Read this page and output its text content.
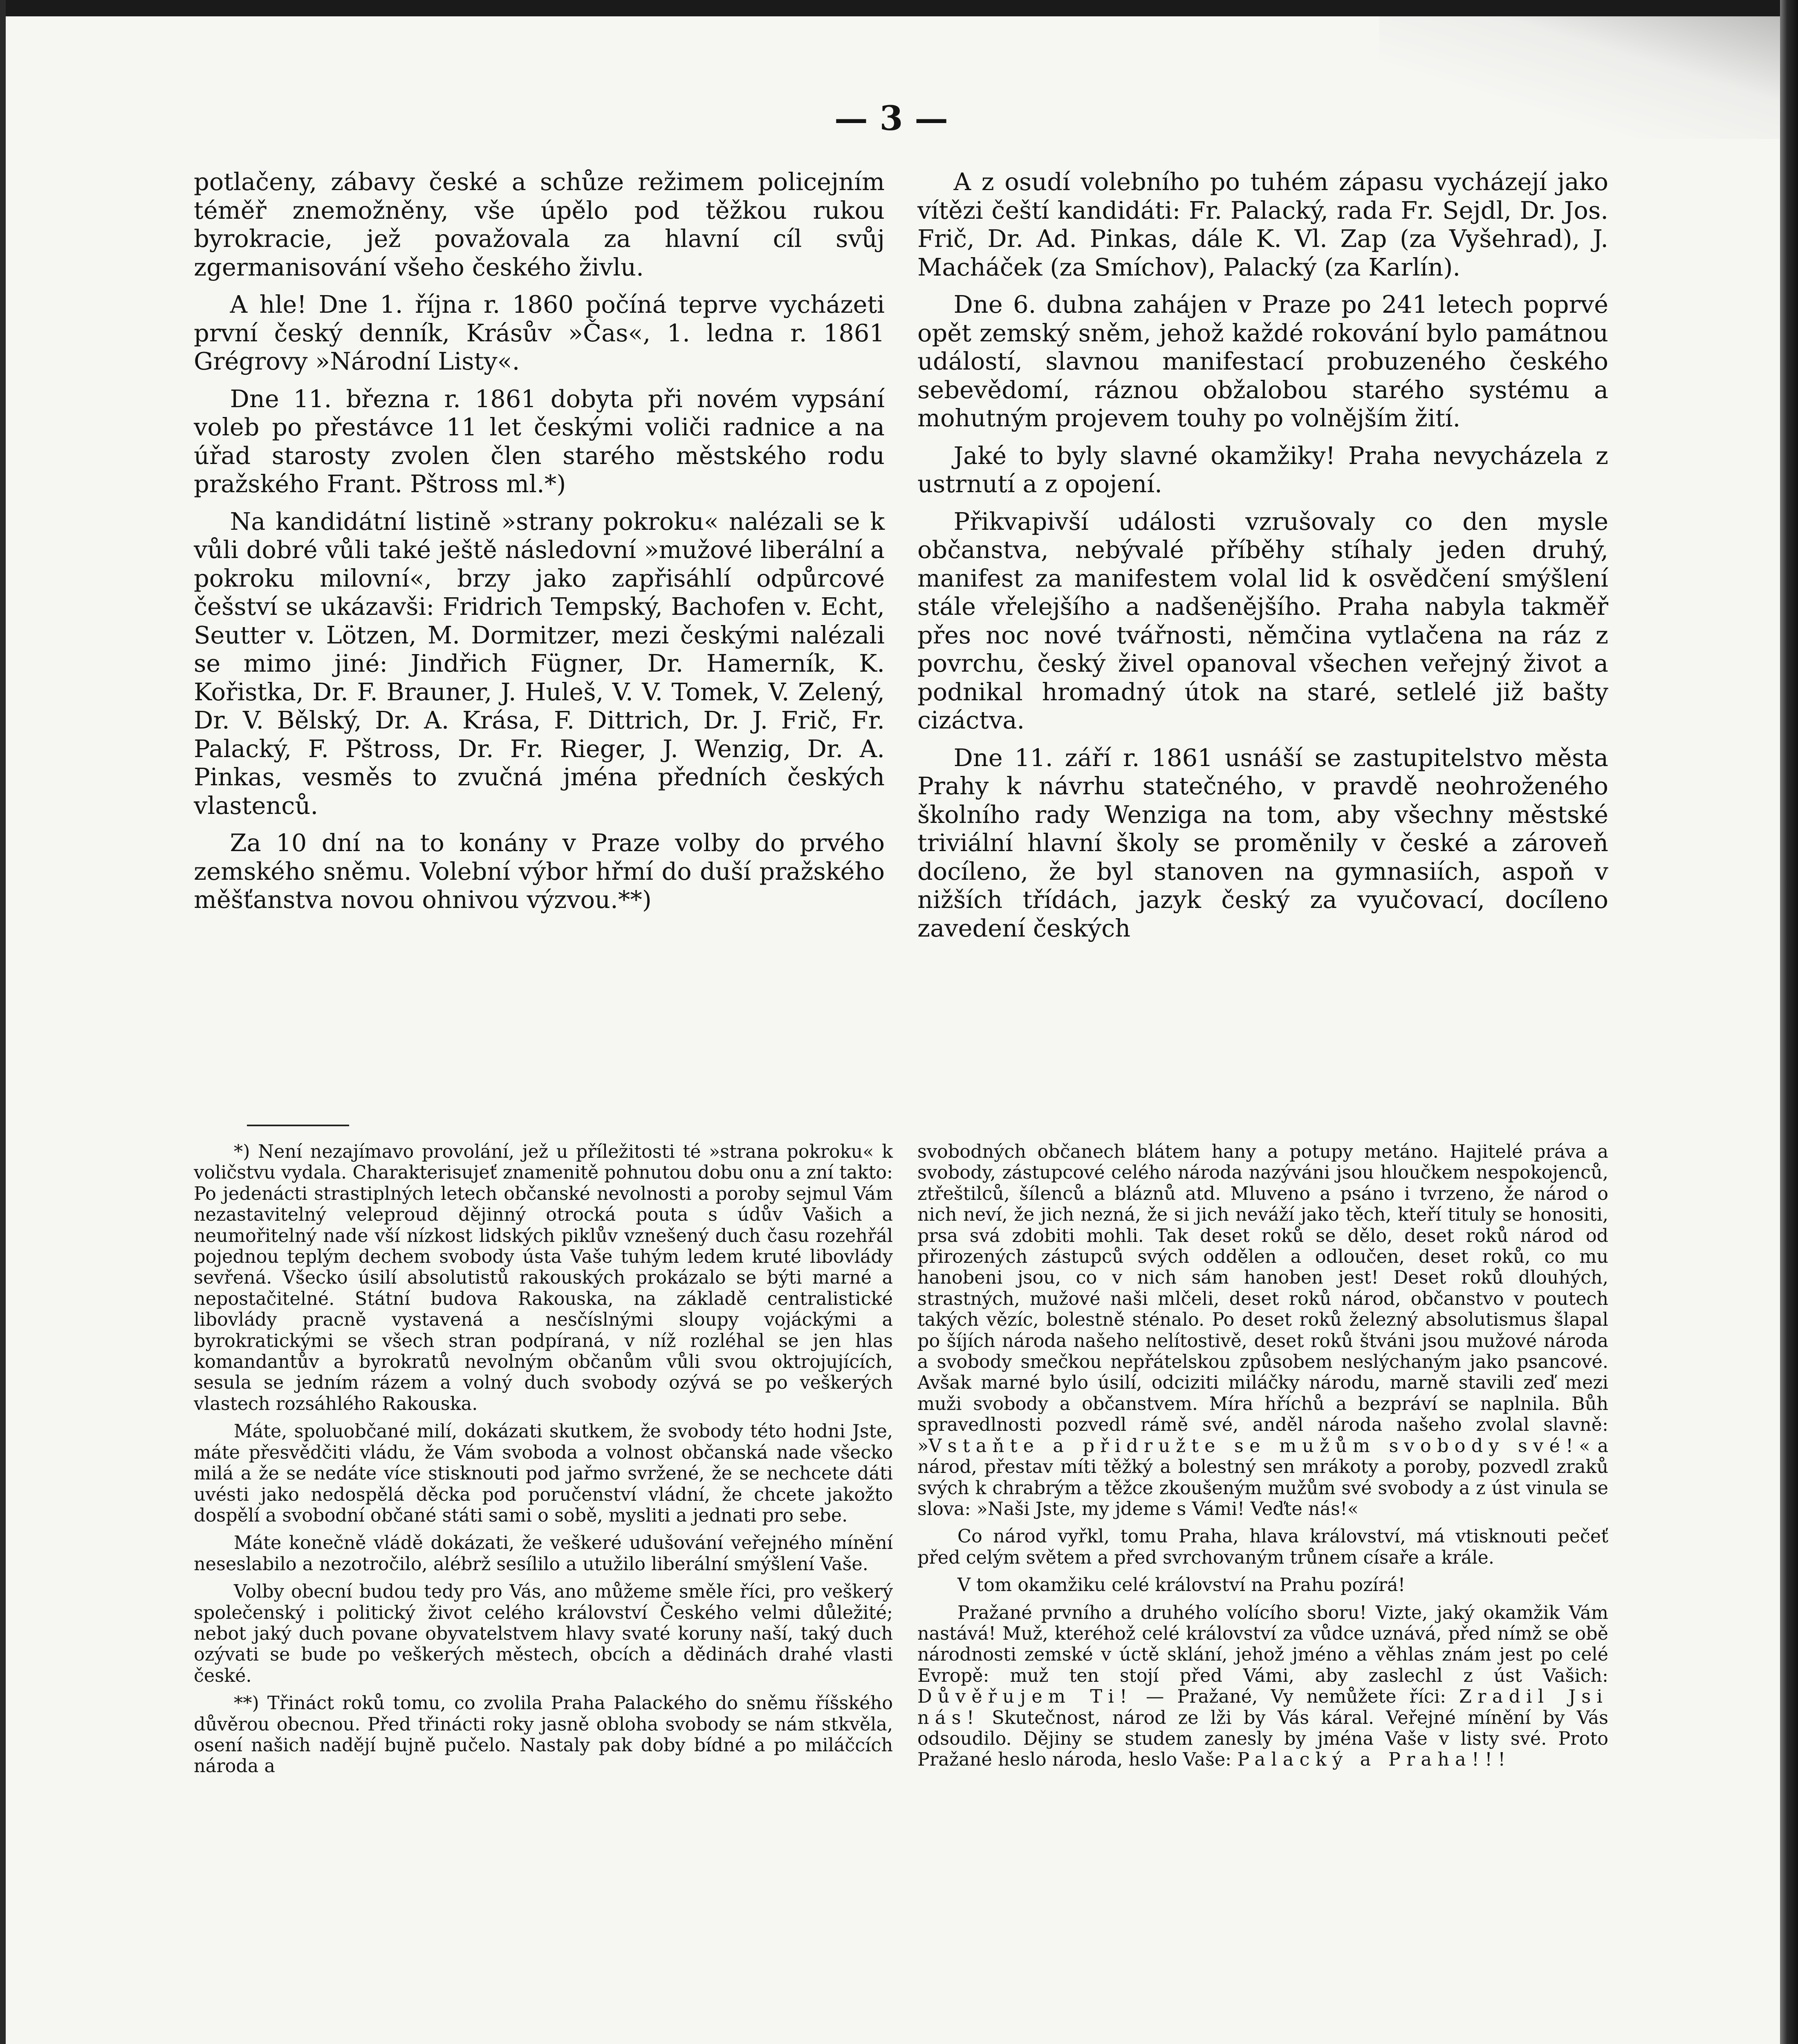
— 3 —

potlačeny, zábavy české a schůze režimem policejním téměř znemožněny, vše úpělo pod těžkou rukou byrokracie, jež považovala za hlavní cíl svůj zgermanisování všeho českého živlu.

A hle! Dne 1. října r. 1860 počíná teprve vycházeti první český denník, Krásův »Čas«, 1. ledna r. 1861 Grégrovy »Národní Listy«.

Dne 11. března r. 1861 dobyta při novém vypsání voleb po přestávce 11 let českými voliči radnice a na úřad starosty zvolen člen starého městského rodu pražského Frant. Pštross ml.*)

Na kandidátní listině »strany pokroku« nalézali se k vůli dobré vůli také ještě následovní »mužové liberální a pokroku milovní«, brzy jako zapřisáhlí odpůrcové češství se ukázavši: Fridrich Tempský, Bachofen v. Echt, Seutter v. Lötzen, M. Dormitzer, mezi českými nalézali se mimo jiné: Jindřich Fügner, Dr. Hamerník, K. Kořistka, Dr. F. Brauner, J. Huleš, V. V. Tomek, V. Zelený, Dr. V. Bělský, Dr. A. Krása, F. Dittrich, Dr. J. Frič, Fr. Palacký, F. Pštross, Dr. Fr. Rieger, J. Wenzig, Dr. A. Pinkas, vesměs to zvučná jména předních českých vlastenců.

Za 10 dní na to konány v Praze volby do prvého zemského sněmu. Volební výbor hřmí do duší pražského měšťanstva novou ohnivou výzvou.**)

A z osudí volebního po tuhém zápasu vycházejí jako vítězi čeští kandidáti: Fr. Palacký, rada Fr. Sejdl, Dr. Jos. Frič, Dr. Ad. Pinkas, dále K. Vl. Zap (za Vyšehrad), J. Macháček (za Smíchov), Palacký (za Karlín).

Dne 6. dubna zahájen v Praze po 241 letech poprvé opět zemský sněm, jehož každé rokování bylo památnou událostí, slavnou manifestací probuzeného českého sebevědomí, ráznou obžalobou starého systému a mohutným projevem touhy po volnějším žití.

Jaké to byly slavné okamžiky! Praha nevycházela z ustrnutí a z opojení.

Přikvapivší události vzrušovaly co den mysle občanstva, nebývalé příběhy stíhaly jeden druhý, manifest za manifestem volal lid k osvědčení smýšlení stále vřelejšího a nadšenějšího. Praha nabyla takměř přes noc nové tvářnosti, němčina vytlačena na ráz z povrchu, český živel opanoval všechen veřejný život a podnikal hromadný útok na staré, setlelé již bašty cizáctva.

Dne 11. září r. 1861 usnáší se zastupitelstvo města Prahy k návrhu statečného, v pravdě neohroženého školního rady Wenziga na tom, aby všechny městské triviální hlavní školy se proměnily v české a zároveň docíleno, že byl stanoven na gymnasiích, aspoň v nižších třídách, jazyk český za vyučovací, docíleno zavedení českých

*) Není nezajímavo provolání, jež u příležitosti té »strana pokroku« k voličstvu vydala. Charakterisujeť znamenitě pohnutou dobu onu a zní takto: Po jedenácti strastiplných letech občanské nevolnosti a poroby sejmul Vám nezastavitelný veleproud dějinný otrocká pouta s údův Vašich a neumořitelný nade vší nízkost lidských piklův vznešený duch času rozehřál pojednou teplým dechem svobody ústa Vaše tuhým ledem kruté libovlády sevřená. Všecko úsilí absolutistů rakouských prokázalo se býti marné a nepostačitelné. Státní budova Rakouska, na základě centralistické libovlády pracně vystavená a nesčíslnými sloupy vojáckými a byrokratickými se všech stran podpíraná, v níž rozléhal se jen hlas komandantův a byrokratů nevolným občanům vůli svou oktrojujících, sesula se jedním rázem a volný duch svobody ozývá se po veškerých vlastech rozsáhlého Rakouska.

Máte, spoluobčané milí, dokázati skutkem, že svobody této hodni Jste, máte přesvědčiti vládu, že Vám svoboda a volnost občanská nade všecko milá a že se nedáte více stisknouti pod jařmo svržené, že se nechcete dáti uvésti jako nedospělá děcka pod poručenství vládní, že chcete jakožto dospělí a svobodní občané státi sami o sobě, mysliti a jednati pro sebe.

Máte konečně vládě dokázati, že veškeré udušování veřejného mínění neseslabilo a nezotročilo, alébrž sesílilo a utužilo liberální smýšlení Vaše.

Volby obecní budou tedy pro Vás, ano můžeme směle říci, pro veškerý společenský i politický život celého království Českého velmi důležité; nebot jaký duch povane obyvatelstvem hlavy svaté koruny naší, taký duch ozývati se bude po veškerých městech, obcích a dědinách drahé vlasti české.

**) Třináct roků tomu, co zvolila Praha Palackého do sněmu říšského důvěrou obecnou. Před třinácti roky jasně obloha svobody se nám stkvěla, osení našich nadějí bujně pučelo. Nastaly pak doby bídné a po miláčcích národa a

svobodných občanech blátem hany a potupy metáno. Hajitelé práva a svobody, zástupcové celého národa nazýváni jsou hloučkem nespokojenců, ztřeštilců, šílenců a bláznů atd. Mluveno a psáno i tvrzeno, že národ o nich neví, že jich nezná, že si jich neváží jako těch, kteří tituly se honositi, prsa svá zdobiti mohli. Tak deset roků se dělo, deset roků národ od přirozených zástupců svých oddělen a odloučen, deset roků, co mu hanobeni jsou, co v nich sám hanoben jest! Deset roků dlouhých, strastných, mužové naši mlčeli, deset roků národ, občanstvo v poutech takých vězíc, bolestně sténalo. Po deset roků železný absolutismus šlapal po šíjích národa našeho nelítostivě, deset roků štváni jsou mužové národa a svobody smečkou nepřátelskou způsobem neslýchaným jako psancové. Avšak marné bylo úsilí, odciziti miláčky národu, marně stavili zeď mezi muži svobody a občanstvem. Míra hříchů a bezpráví se naplnila. Bůh spravedlnosti pozvedl rámě své, anděl národa našeho zvolal slavně: »Vstaňte a přidružte se mužům svobody své!« a národ, přestav míti těžký a bolestný sen mrákoty a poroby, pozvedl zraků svých k chrabrým a těžce zkoušeným mužům své svobody a z úst vinula se slova: »Naši Jste, my jdeme s Vámi! Veďte nás!«

Co národ vyřkl, tomu Praha, hlava království, má vtisknouti pečeť před celým světem a před svrchovaným trůnem císaře a krále.

V tom okamžiku celé království na Prahu pozírá!

Pražané prvního a druhého volícího sboru! Vizte, jaký okamžik Vám nastává! Muž, kteréhož celé království za vůdce uznává, před nímž se obě národnosti zemské v úctě sklání, jehož jméno a věhlas znám jest po celé Evropě: muž ten stojí před Vámi, aby zaslechl z úst Vašich: Důvěřujem Ti! — Pražané, Vy nemůžete říci: Zradil Jsi nás! Skutečnost, národ ze lži by Vás káral. Veřejné mínění by Vás odsoudilo. Dějiny se studem zanesly by jména Vaše v listy své. Proto Pražané heslo národa, heslo Vaše: Palacký a Praha!!!
